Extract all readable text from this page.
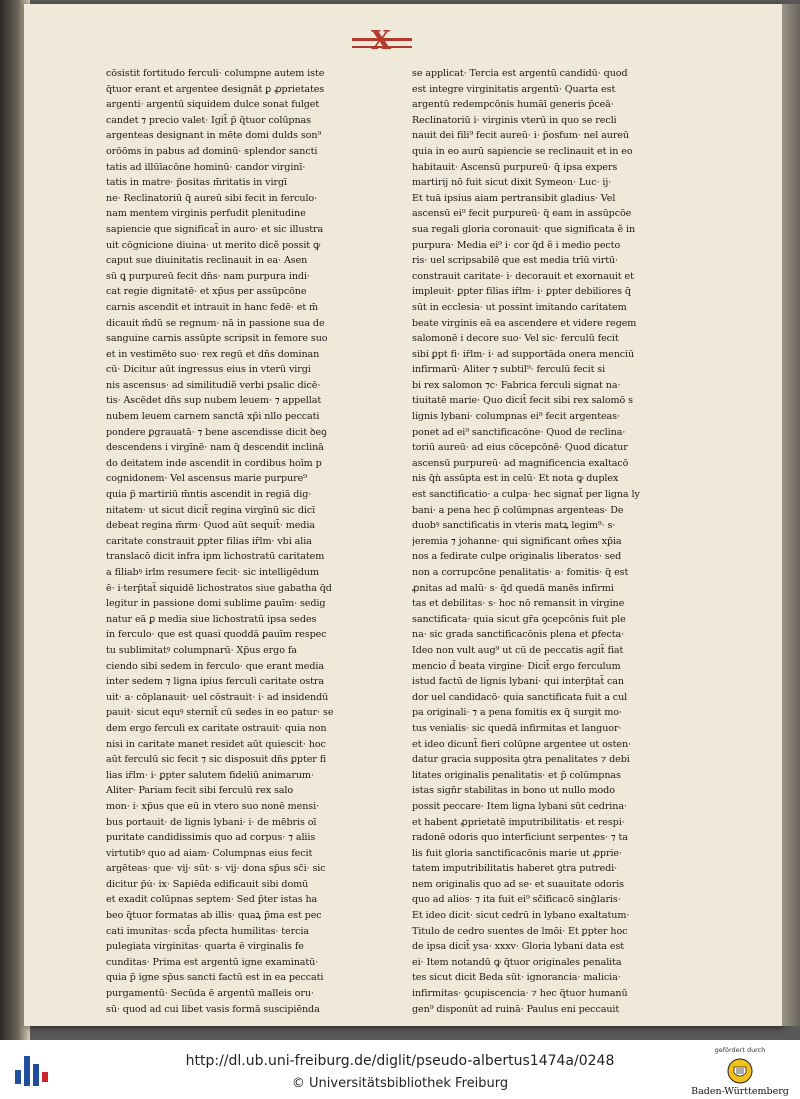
X
cōsistit fortitudo ferculi· columpne autem iste
q̃tuor erant et argentee designāt ꝑ ꝓprietates
argenti· argentū siquidem dulce sonat fulget
candet ⁊ precio valet· Igit̃ p̃ q̃tuor colūpnas
argenteas designant in mēte domi dulds son⁹
orōōms in pabus ad dominū· splendor sancti
tatis ad illūīacōne hominū· candor virginī·
tatis in matre· p̃ositas m̄ritatis in virgī
ne· Reclinatoriū q̃ aureū sibi fecit in ferculo·
nam mentem virginis perfudit plenitudine
sapiencie que significat̃ in auro· et sic illustra
uit cōgnicione diuina· ut merito dicẽ possit ꝙ
caput sue diuinitatis reclinauit in ea· Asen
sū ꝗ purpureū fecit dn̄s· nam purpura indi·
cat regie dignitatē· et xp̃us per assūpcōne
carnis ascendit et intrauit in hanc fedē· et m̄
dicauit m̄dū se regnum· nā in passione sua de
sanguine carnis assūpte scripsit in femore suo
et in vestimēto suo· rex regū et dn̄s dominan
cū· Dicitur aūt ingressus eius in vterū virgi
nis ascensus· ad similitudiẽ verbi psalic dicē·
tis· Ascēdet dn̄s sup nubem leuem· ⁊ appellat
nubem leuem carnem sanctā xp̄i nllo peccati
pondere ꝑgrauatā· ⁊ bene ascendisse dicit ꝺeꝯ
descendens i virgīnē· nam q̃ descendit inclinā
do deitatem inde ascendit in cordibus hoīm p
cognidonem· Vel ascensus marie purpure⁹
quia p̃ martiriū m̄ntis ascendit in regiā dig·
nitatem· ut sicut dicit̃ regina virgīnū sic dicī
debeat regina m̄rm· Quod aūt sequit̃· media
caritate constrauit ꝑpter filias ir̄lm· vbi alia
translacō dicit infra ipm lichostratū caritatem
a filiabꝰ irlm resumere fecit· sic intelligēdum
ē· i·terp̃tat̃ siquidē lichostratos siue gabatha q̄d
legitur in passione domi sublime ꝑauīm· sedig
natur eā ꝑ media siue lichostratū ipsa sedes
in ferculo· que est quasi quoddā ꝑauīm respec
tu sublimitatꝰ columpnarū· Xp̃us ergo fa
ciendo sibi sedem in ferculo· que erant media
inter sedem ⁊ ligna ipius ferculi caritate ostra
uit· a· cōplanauit· uel cōstrauit· i· ad insidendū
pauit· sicut equꝰ sternit̃ cū sedes in eo patur· se
dem ergo ferculi ex caritate ostrauit· quia non
nisi in caritate manet residet aūt quiescit· hoc
aūt ferculū sic fecit ⁊ sic disposuit dn̄s ꝑpter fi
lias ir̄lm· i· ꝑpter salutem fideliū animarum·
Aliter· Pariam fecit sibi ferculū rex salo
mon· i· xp̃us que eū in vtero suo nonē mensi·
bus portauit· de lignis lybani· i· de mēbris oī
puritate candidissimis quo ad corpus· ⁊ aliis
virtutibꝰ quo ad aiam· Columpnas eius fecit
argēteas· que· vij· sūt· s· vij· dona sp̄us sc̄i· sic
dicitur p̄u̇· ix· Sapiēda edificauit sibi domū
et exadit colūpnas septem· Sed p̄ter istas ha
beo q̃tuor formatas ab illis· quaꝝ p̄ma est pec
cati imunitas· scd̄a pfecta humilitas· tercia
pulegiata virginitas· quarta ē virginalis fe
cunditas· Prima est argentū igne examinatū·
quia p̄ igne sp̄us sancti factū est in ea peccati
purgamentū· Secūda ē argentū malleis oru·
sū· quod ad cui libet vasis formā suscipiēnda
se applicat· Tercia est argentū candidū· quod
est integre virginitatis argentū· Quarta est
argentū redempcōnis humāī generis p̄ceā·
Reclinatoriū i· virginis vterū in quo se recli
nauit dei fili⁹ fecit aureū· i· p̃osfum· nel aureū
quia in eo aurū sapiencie se reclinauit et in eo
habitauit· Ascensū purpureū· q̃ ipsa expers
martirij nō fuit sicut dixit Symeon· Luc· ij·
Et tuā ipsius aiam pertransibit gladius· Vel
ascensū ei⁹ fecit purpureū· q̃ eam in assūpcōe
sua regali gloria coronauit· que significata ẽ in
purpura· Media ei⁹ i· cor q̃d ẽ i medio pecto
ris· uel scripsabilē que est media trīū virtū·
constrauit caritate· i· decorauit et exornauit et
impleuit· ꝑpter filias ir̄lm· i· ꝑpter debiliores q̃
sūt in ecclesia· ut possint imitando caritatem
beate virginis eā ea ascendere et videre regem
salomonē i decore suo· Vel sic· ferculū fecit
sibi ꝑpt fi· ir̄lm· i· ad supportāda onera menciū
infirmarū· Aliter ⁊ subtil⁹· ferculū fecit si
bi rex salomon ⁊c· Fabrica ferculi signat na·
tiuitatē marie· Quo dicit̄ fecit sibi rex salomō s
lignis lybani· columpnas ei⁹ fecit argenteas·
ponet ad ei⁹ sanctificacōne· Quod de reclina·
toriū aureū· ad eius cōcepcōnē· Quod dicatur
ascensū purpureū· ad magnificencia exaltacō
nis q̃ǹ assūpta est in celū· Et nota ꝙ duplex
est sanctificatio· a culpa· hec signat̃ per ligna ly
bani· a pena hec p̄ colūmpnas argenteas· De
duobꝰ sanctificatis in vteris matꝝ legim⁹· s·
jeremia ⁊ johanne· qui significant om̄es xp̄ia
nos a fedirate culpe originalis liberatos· sed
non a corrupcōne penalitatis· a· fomitis· q̄ est
ꝓnitas ad malū· s· q̃d quedā manēs infirmi
tas et debilitas· s· hoc nō remansit in virgine
sanctificata· quia sicut gr̄a ꝯcepcōnis fuit ple
na· sic grada sanctificacōnis plena et ꝑfecta·
Ideo non vult aug⁹ ut cū de peccatis agit̃ fiat
mencio d̄ beata virgine· Dicit̃ ergo ferculum
istud factū de lignis lybani· qui interp̄tat̃ can
dor uel candidacō· quia sanctificata fuit a cul
pa originali· ⁊ a pena fomitis ex q̃ surgit mo·
tus venialis· sic quedā infirmitas et languor·
et ideo dicunt̃ fieri colūpne argentee ut osten·
datur gracia supposita ꝯtra penalitates ⁊ debi
litates originalis penalitatis· et p̄ colūmpnas
istas sign̄r stabilitas in bono ut nullo modo
possit peccare· Item ligna lybani sūt cedrina·
et habent ꝓprietatē imputribilitatis· et respi·
radonē odoris quo interficiunt serpentes· ⁊ ta
lis fuit gloria sanctificacōnis marie ut ꝓprie·
tatem imputribilitatis haberet ꝯtra putredi·
nem originalis quo ad se· et suauitate odoris
quo ad alios· ⁊ ita fuit ei⁹ sc̄ificacō sing̃laris·
Et ideo dicit· sicut cedrū in lybano exaltatum·
Titulo de cedro suentes de lmōi· Et ꝑpter hoc
de ipsa dicit̃ ysa· xxxv· Gloria lybani data est
ei· Item notandū ꝙ q̃tuor originales penalita
tes sicut dicit Beda sūt· ignorancia· malicia·
infirmitas· ꝯcupiscencia· ⁊ hec q̃tuor humanū
gen⁹ disponūt ad ruinā· Paulus eni peccauit
http://dl.ub.uni-freiburg.de/diglit/pseudo-albertus1474a/0248
© Universitätsbibliothek Freiburg
gefördert durch
Baden-Württemberg
